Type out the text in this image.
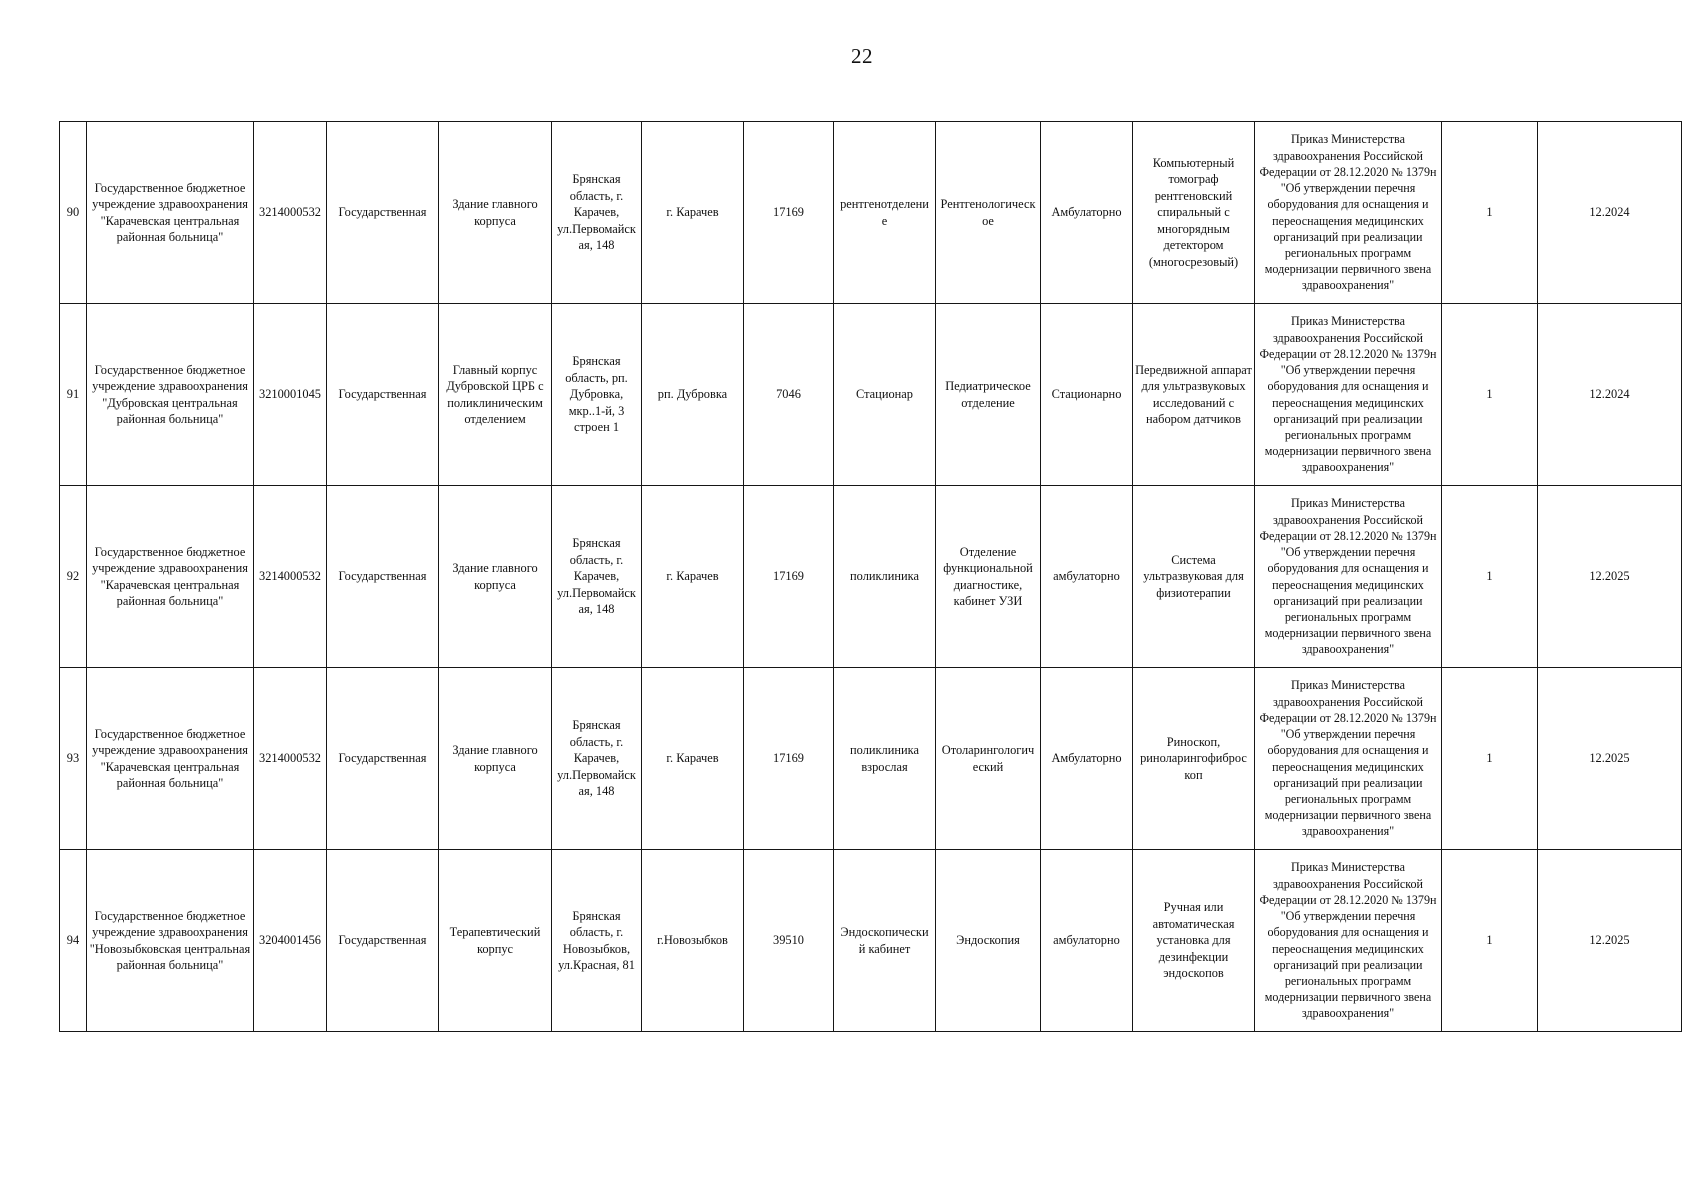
22
90	Государственное бюджетное учреждение здравоохранения "Карачевская центральная районная больница"	3214000532	Государственная	Здание главного корпуса	Брянская область, г. Карачев, ул.Первомайск ая, 148	г. Карачев	17169	рентгенотделени е	Рентгенологическ ое	Амбулаторно	Компьютерный томограф рентгеновский спиральный с многорядным детектором (многосрезовый)	Приказ Министерства здравоохранения Российской Федерации от 28.12.2020 № 1379н "Об утверждении перечня оборудования для оснащения и переоснащения медицинских организаций при реализации региональных программ модернизации первичного звена здравоохранения"	1	12.2024
91	Государственное бюджетное учреждение здравоохранения "Дубровская центральная районная больница"	3210001045	Государственная	Главный корпус Дубровской ЦРБ с поликлиническим отделением	Брянская область, рп. Дубровка, мкр..1-й, 3 строен 1	рп. Дубровка	7046	Стационар	Педиатрическое отделение	Стационарно	Передвижной аппарат для ультразвуковых исследований с набором датчиков	Приказ Министерства здравоохранения Российской Федерации от 28.12.2020 № 1379н "Об утверждении перечня оборудования для оснащения и переоснащения медицинских организаций при реализации региональных программ модернизации первичного звена здравоохранения"	1	12.2024
92	Государственное бюджетное учреждение здравоохранения "Карачевская центральная районная больница"	3214000532	Государственная	Здание главного корпуса	Брянская область, г. Карачев, ул.Первомайск ая, 148	г. Карачев	17169	поликлиника	Отделение функциональной диагностике, кабинет УЗИ	амбулаторно	Система ультразвуковая для физиотерапии	Приказ Министерства здравоохранения Российской Федерации от 28.12.2020 № 1379н "Об утверждении перечня оборудования для оснащения и переоснащения медицинских организаций при реализации региональных программ модернизации первичного звена здравоохранения"	1	12.2025
93	Государственное бюджетное учреждение здравоохранения "Карачевская центральная районная больница"	3214000532	Государственная	Здание главного корпуса	Брянская область, г. Карачев, ул.Первомайск ая, 148	г. Карачев	17169	поликлиника взрослая	Отоларингологич еский	Амбулаторно	Риноскоп, риноларингофиброс коп	Приказ Министерства здравоохранения Российской Федерации от 28.12.2020 № 1379н "Об утверждении перечня оборудования для оснащения и переоснащения медицинских организаций при реализации региональных программ модернизации первичного звена здравоохранения"	1	12.2025
94	Государственное бюджетное учреждение здравоохранения "Новозыбковская центральная районная больница"	3204001456	Государственная	Терапевтический корпус	Брянская область, г. Новозыбков, ул.Красная, 81	г.Новозыбков	39510	Эндоскопически й кабинет	Эндоскопия	амбулаторно	Ручная или автоматическая установка для дезинфекции эндоскопов	Приказ Министерства здравоохранения Российской Федерации от 28.12.2020 № 1379н "Об утверждении перечня оборудования для оснащения и переоснащения медицинских организаций при реализации региональных программ модернизации первичного звена здравоохранения"	1	12.2025
